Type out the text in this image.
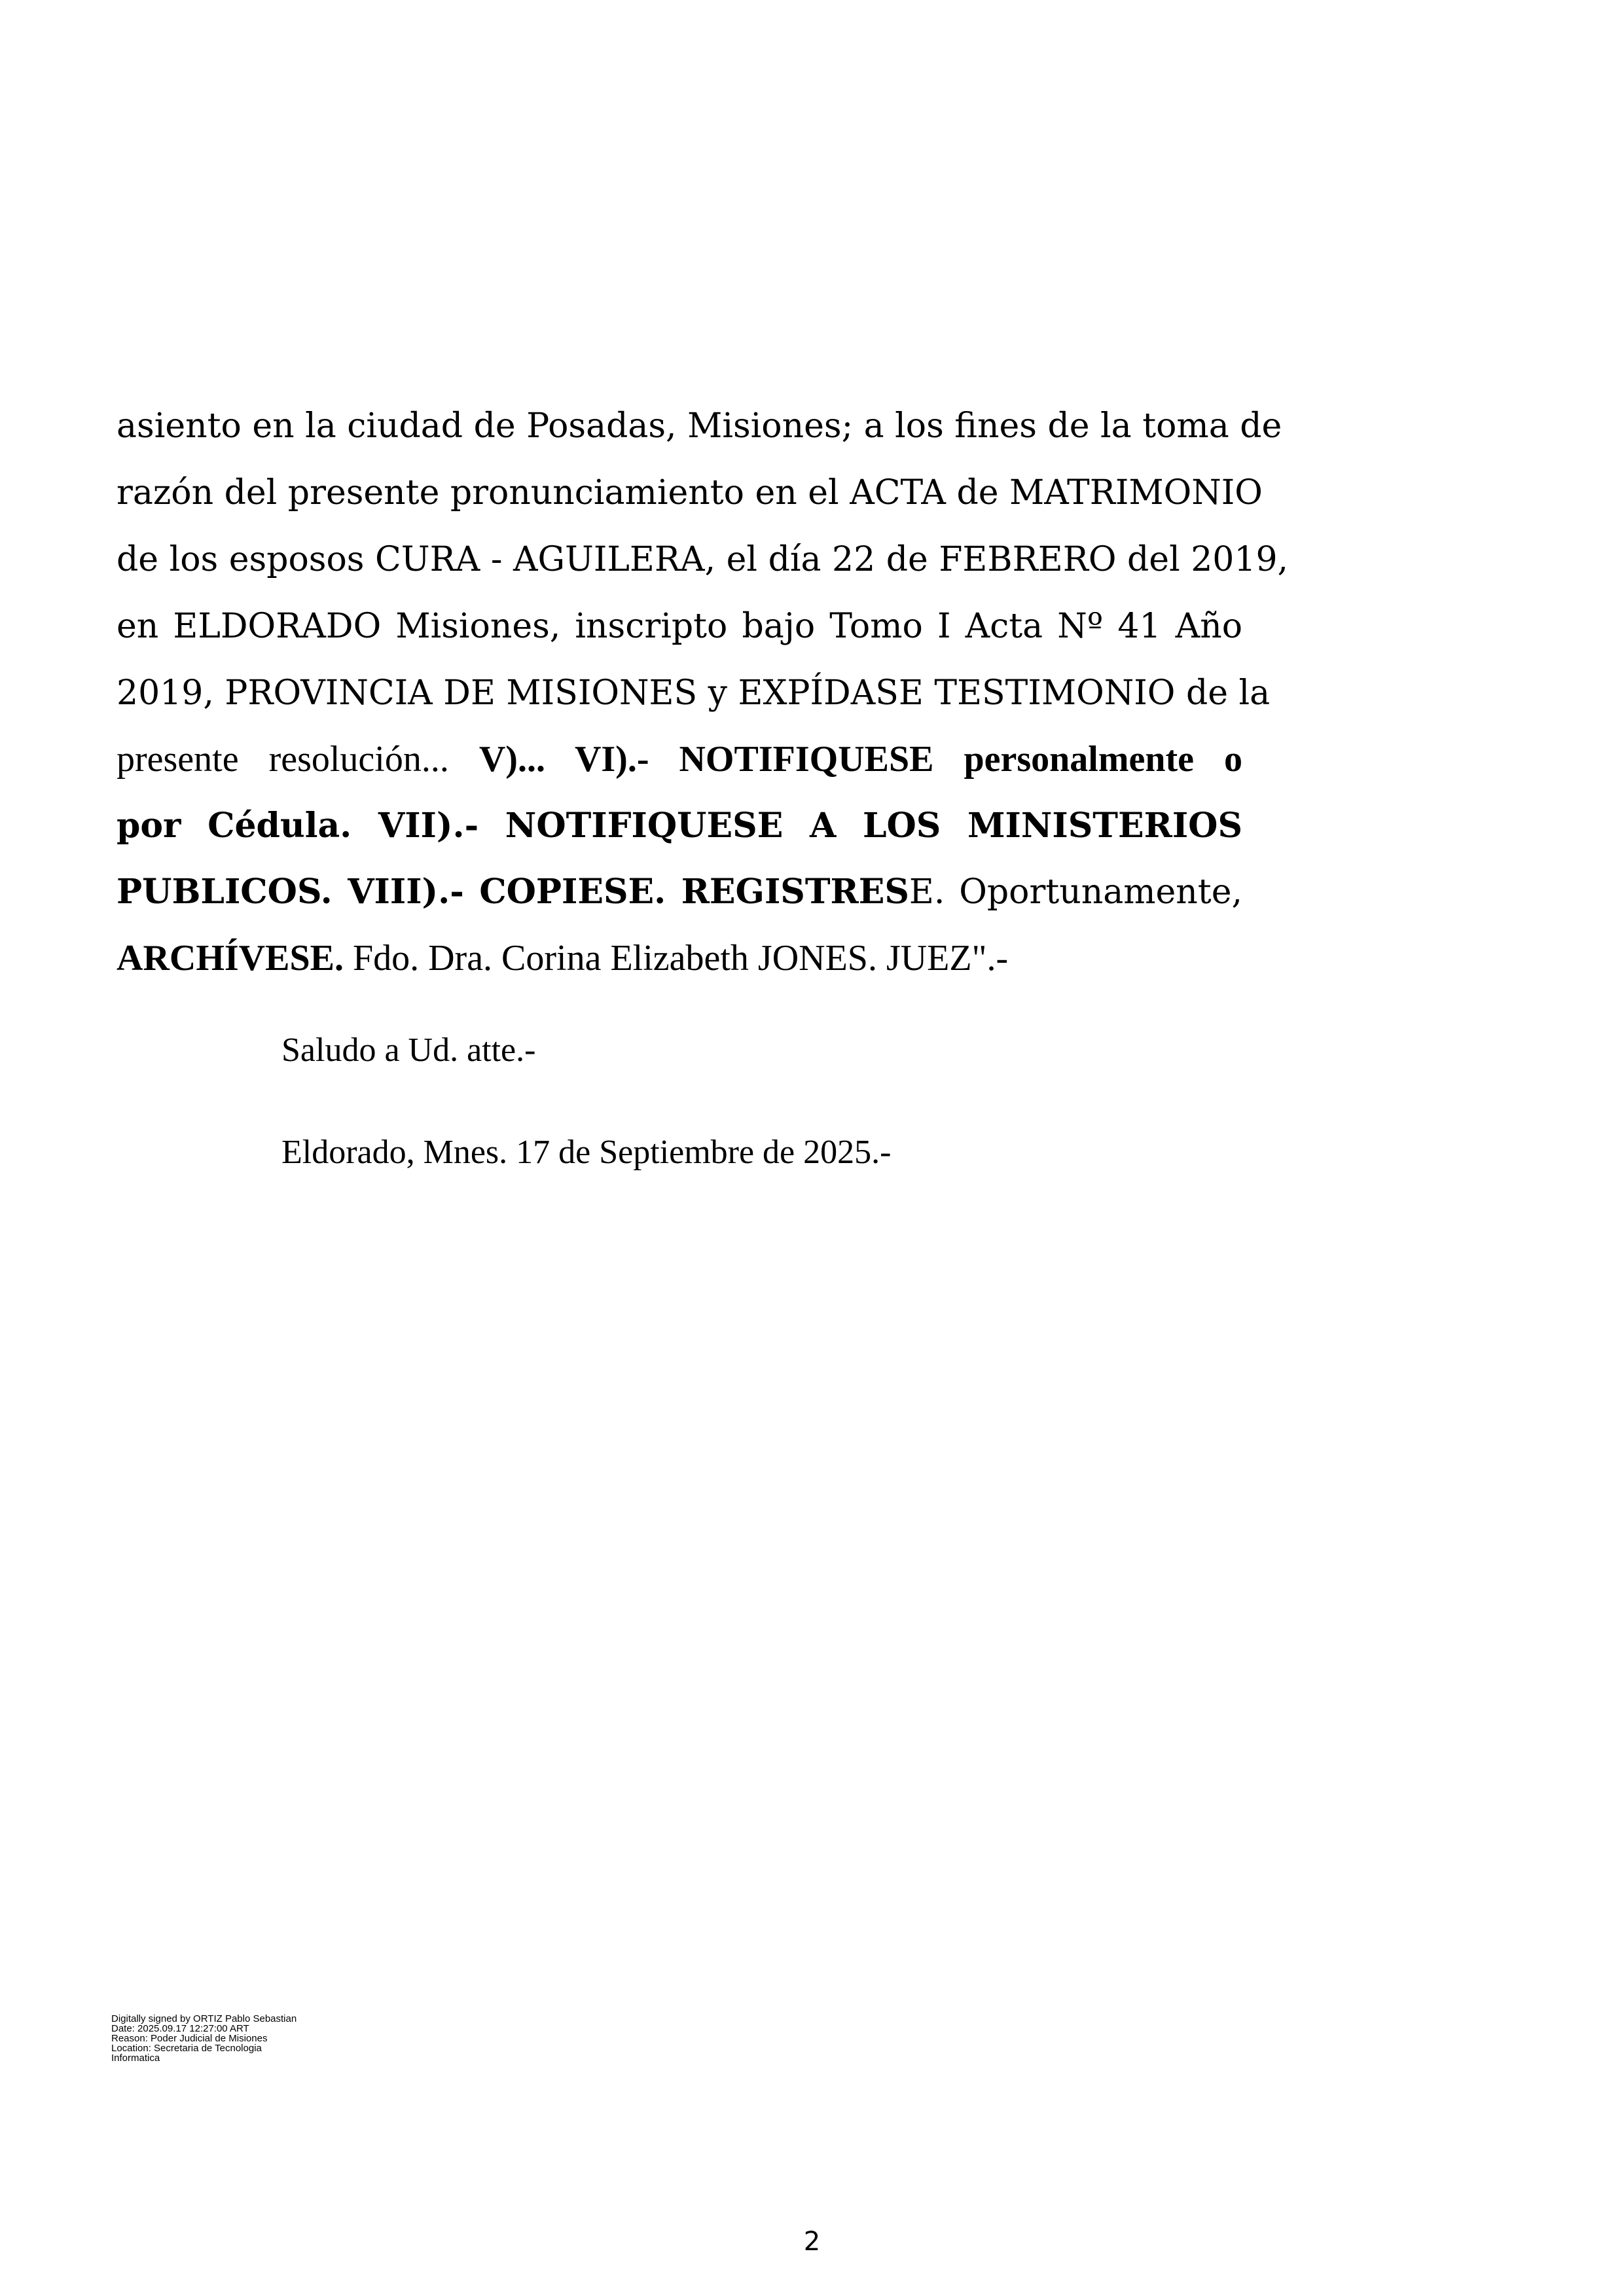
asiento en la ciudad de Posadas, Misiones; a los fines de la toma de
razón del presente pronunciamiento en el ACTA de MATRIMONIO
de los esposos CURA - AGUILERA, el día 22 de FEBRERO del 2019,
en ELDORADO Misiones, inscripto bajo Tomo I Acta Nº 41 Año
2019, PROVINCIA DE MISIONES y EXPÍDASE TESTIMONIO de la
presente resolución... V)... VI).- NOTIFIQUESE personalmente o
por Cédula. VII).- NOTIFIQUESE A LOS MINISTERIOS
PUBLICOS. VIII).- COPIESE. REGISTRESE. Oportunamente,
ARCHÍVESE. Fdo. Dra. Corina Elizabeth JONES. JUEZ".-

Saludo a Ud. atte.-

Eldorado, Mnes. 17 de Septiembre de 2025.-

Digitally signed by ORTIZ Pablo Sebastian
Date: 2025.09.17 12:27:00 ART
Reason: Poder Judicial de Misiones
Location: Secretaria de Tecnologia
Informatica
2
